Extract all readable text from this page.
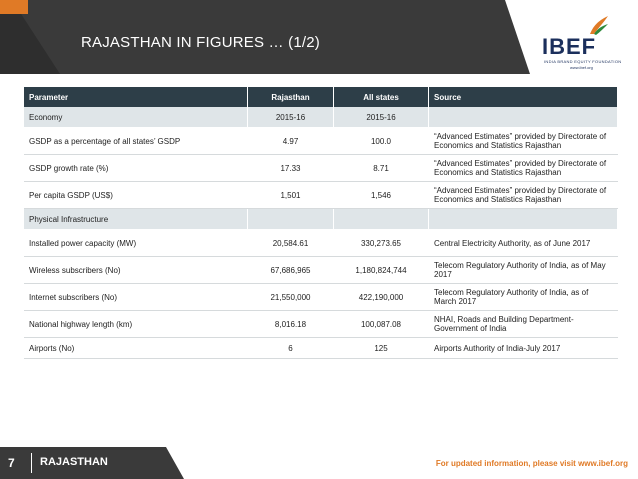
RAJASTHAN IN FIGURES … (1/2)	IBEF
INDIA BRAND EQUITY FOUNDATION
www.ibef.org
Parameter	Rajasthan	All states	Source
Economy	2015-16	2015-16	
GSDP as a percentage of all states’ GSDP	4.97	100.0	“Advanced Estimates” provided by Directorate of Economics and Statistics Rajasthan
GSDP growth rate (%)	17.33	8.71	“Advanced Estimates” provided by Directorate of Economics and Statistics Rajasthan
Per capita GSDP (US$)	1,501	1,546	“Advanced Estimates” provided by Directorate of Economics and Statistics Rajasthan
Physical Infrastructure			
Installed power capacity (MW)	20,584.61	330,273.65	Central Electricity Authority, as of June 2017
Wireless subscribers (No)	67,686,965	1,180,824,744	Telecom Regulatory Authority of India, as of May 2017
Internet subscribers (No)	21,550,000	422,190,000	Telecom Regulatory Authority of India, as of March 2017
National highway length (km)	8,016.18	100,087.08	NHAI, Roads and Building Department-Government of India
Airports (No)	6	125	Airports Authority of India-July 2017
7 RAJASTHAN	For updated information, please visit www.ibef.org
